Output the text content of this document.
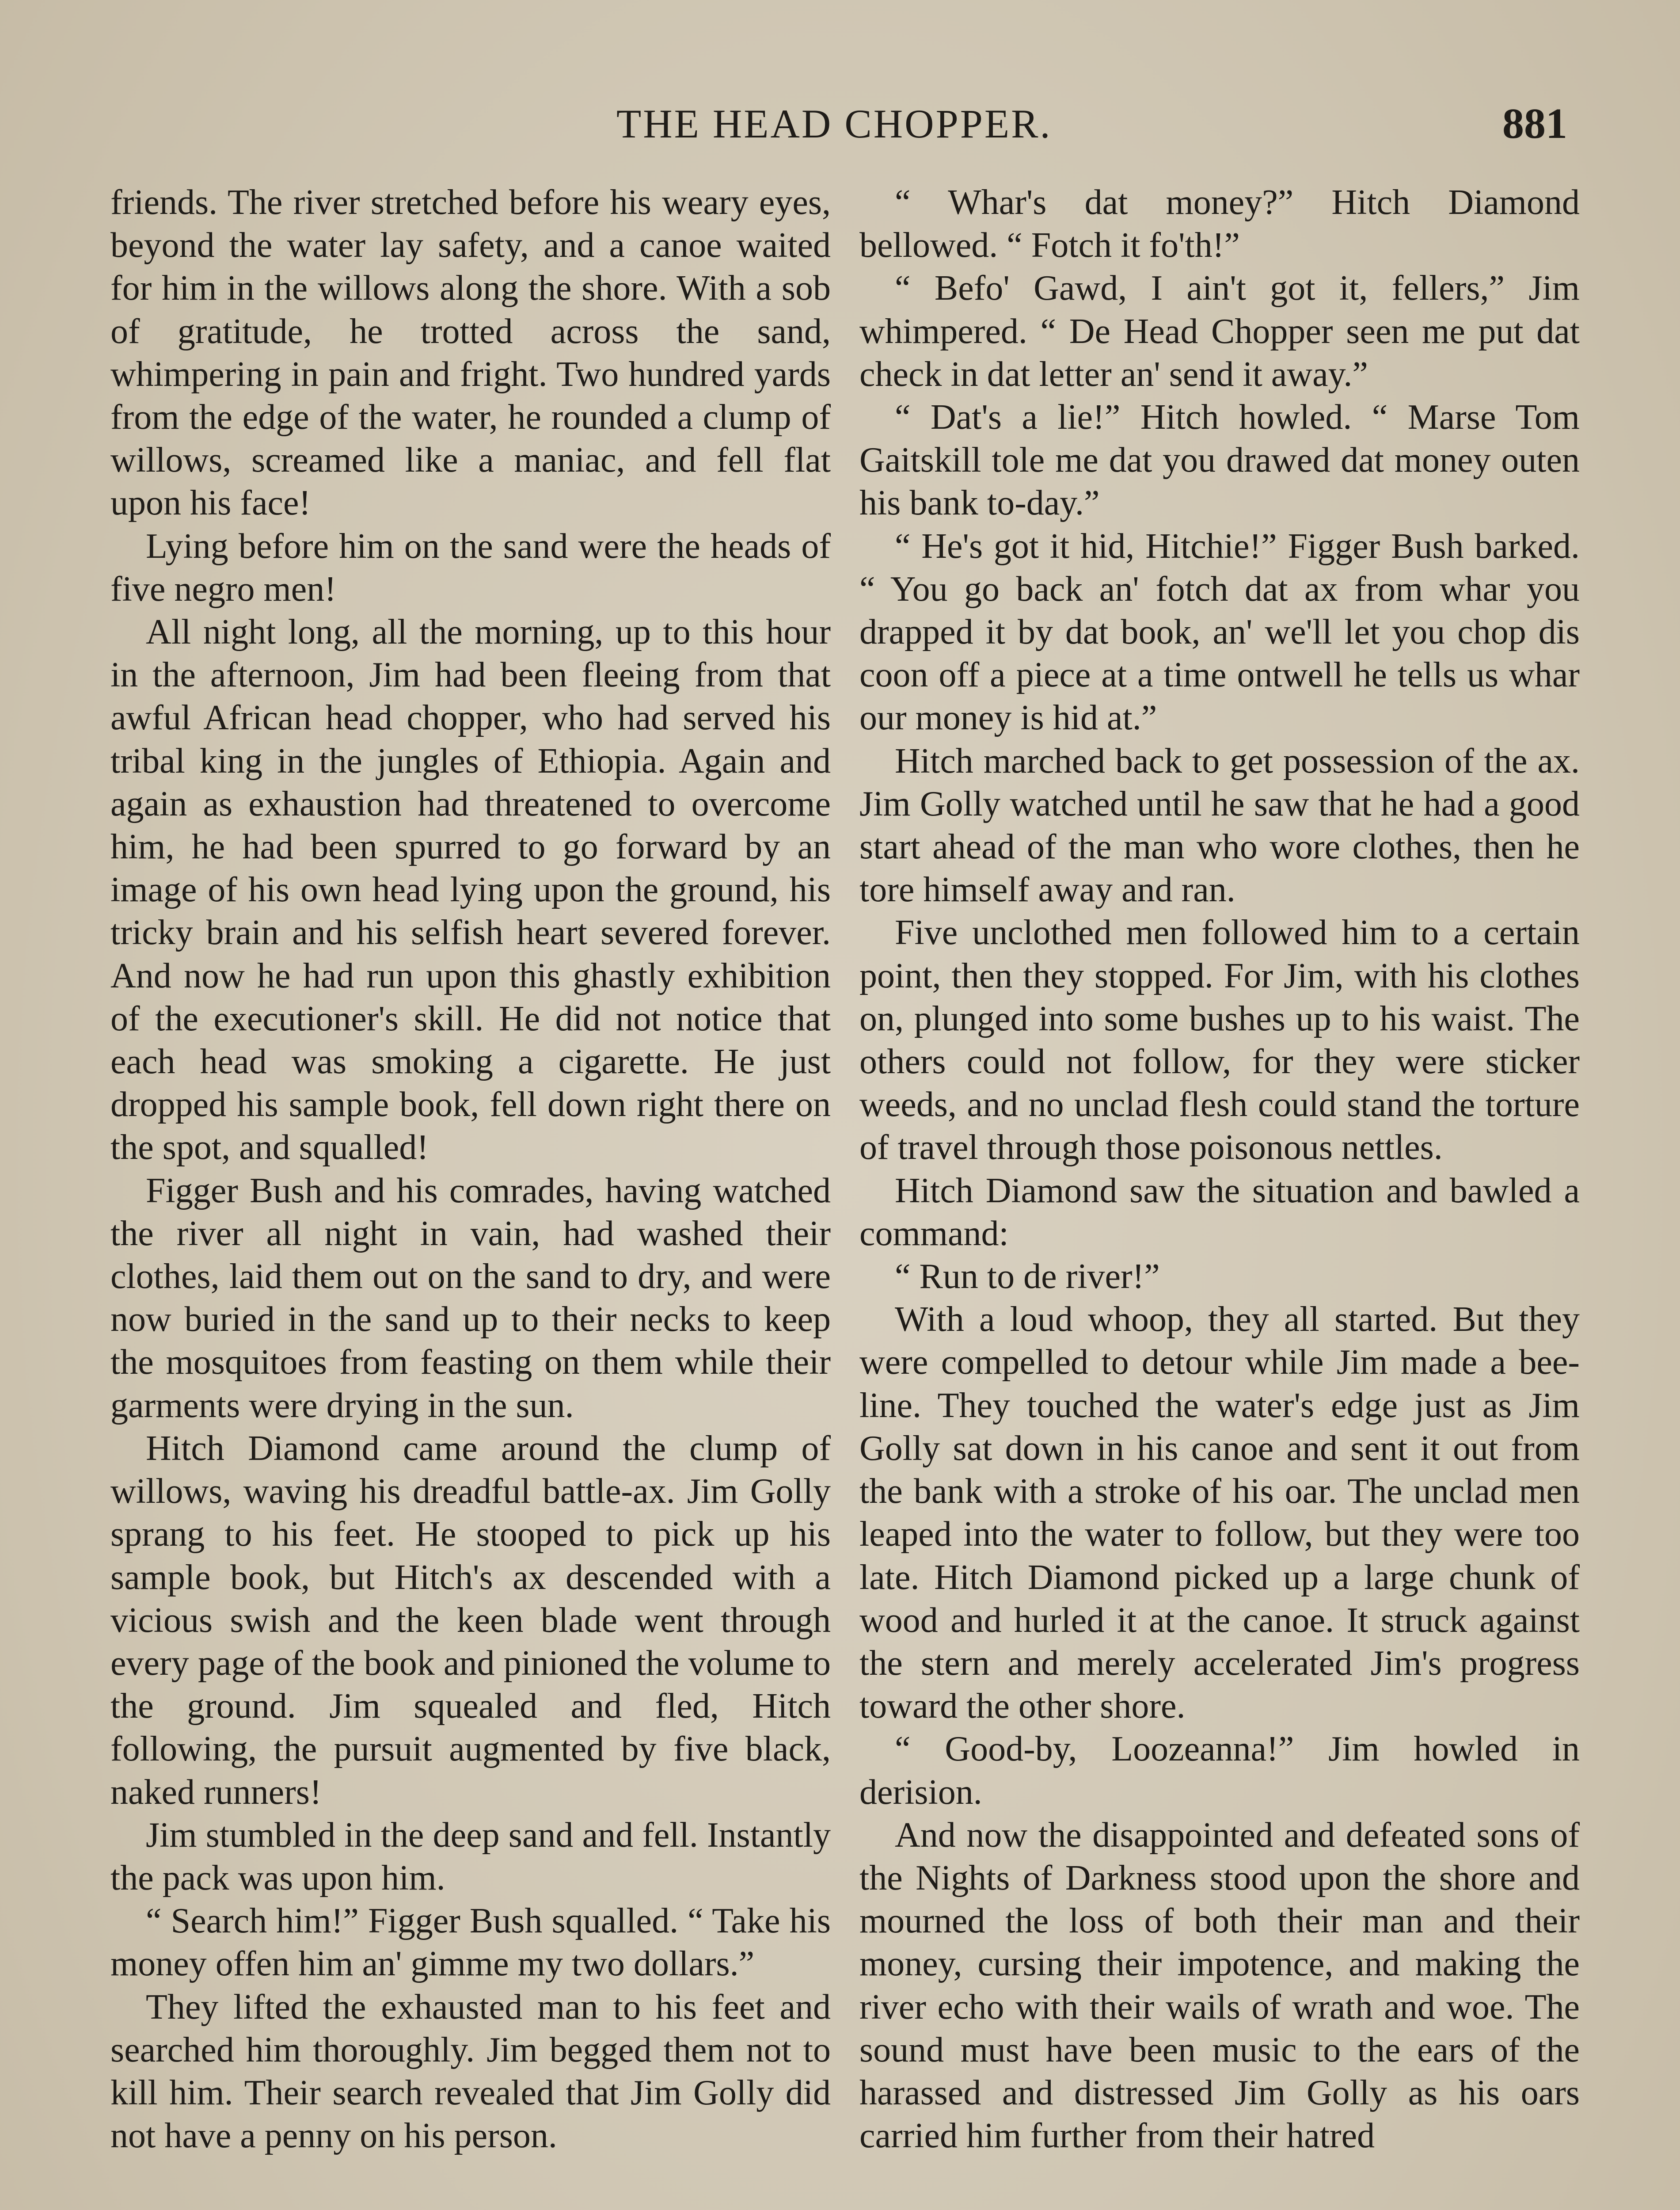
THE HEAD CHOPPER.	881

friends. The river stretched before his weary eyes, beyond the water lay safety, and a canoe waited for him in the willows along the shore. With a sob of gratitude, he trotted across the sand, whimpering in pain and fright. Two hundred yards from the edge of the water, he rounded a clump of willows, screamed like a maniac, and fell flat upon his face!

Lying before him on the sand were the heads of five negro men!

All night long, all the morning, up to this hour in the afternoon, Jim had been fleeing from that awful African head chopper, who had served his tribal king in the jungles of Ethiopia. Again and again as exhaustion had threatened to overcome him, he had been spurred to go forward by an image of his own head lying upon the ground, his tricky brain and his selfish heart severed forever. And now he had run upon this ghastly exhibition of the executioner's skill. He did not notice that each head was smoking a cigarette. He just dropped his sample book, fell down right there on the spot, and squalled!

Figger Bush and his comrades, having watched the river all night in vain, had washed their clothes, laid them out on the sand to dry, and were now buried in the sand up to their necks to keep the mosquitoes from feasting on them while their garments were drying in the sun.

Hitch Diamond came around the clump of willows, waving his dreadful battle-ax. Jim Golly sprang to his feet. He stooped to pick up his sample book, but Hitch's ax descended with a vicious swish and the keen blade went through every page of the book and pinioned the volume to the ground. Jim squealed and fled, Hitch following, the pursuit augmented by five black, naked runners!

Jim stumbled in the deep sand and fell. Instantly the pack was upon him.

“ Search him!” Figger Bush squalled. “ Take his money offen him an' gimme my two dollars.”

They lifted the exhausted man to his feet and searched him thoroughly. Jim begged them not to kill him. Their search revealed that Jim Golly did not have a penny on his person.

“ Whar's dat money?” Hitch Diamond bellowed. “ Fotch it fo'th!”

“ Befo' Gawd, I ain't got it, fellers,” Jim whimpered. “ De Head Chopper seen me put dat check in dat letter an' send it away.”

“ Dat's a lie!” Hitch howled. “ Marse Tom Gaitskill tole me dat you drawed dat money outen his bank to-day.”

“ He's got it hid, Hitchie!” Figger Bush barked. “ You go back an' fotch dat ax from whar you drapped it by dat book, an' we'll let you chop dis coon off a piece at a time ontwell he tells us whar our money is hid at.”

Hitch marched back to get possession of the ax. Jim Golly watched until he saw that he had a good start ahead of the man who wore clothes, then he tore himself away and ran.

Five unclothed men followed him to a certain point, then they stopped. For Jim, with his clothes on, plunged into some bushes up to his waist. The others could not follow, for they were sticker weeds, and no unclad flesh could stand the torture of travel through those poisonous nettles.

Hitch Diamond saw the situation and bawled a command:

“ Run to de river!”

With a loud whoop, they all started. But they were compelled to detour while Jim made a bee-line. They touched the water's edge just as Jim Golly sat down in his canoe and sent it out from the bank with a stroke of his oar. The unclad men leaped into the water to follow, but they were too late. Hitch Diamond picked up a large chunk of wood and hurled it at the canoe. It struck against the stern and merely accelerated Jim's progress toward the other shore.

“ Good-by, Loozeanna!” Jim howled in derision.

And now the disappointed and defeated sons of the Nights of Darkness stood upon the shore and mourned the loss of both their man and their money, cursing their impotence, and making the river echo with their wails of wrath and woe. The sound must have been music to the ears of the harassed and distressed Jim Golly as his oars carried him further from their hatred
